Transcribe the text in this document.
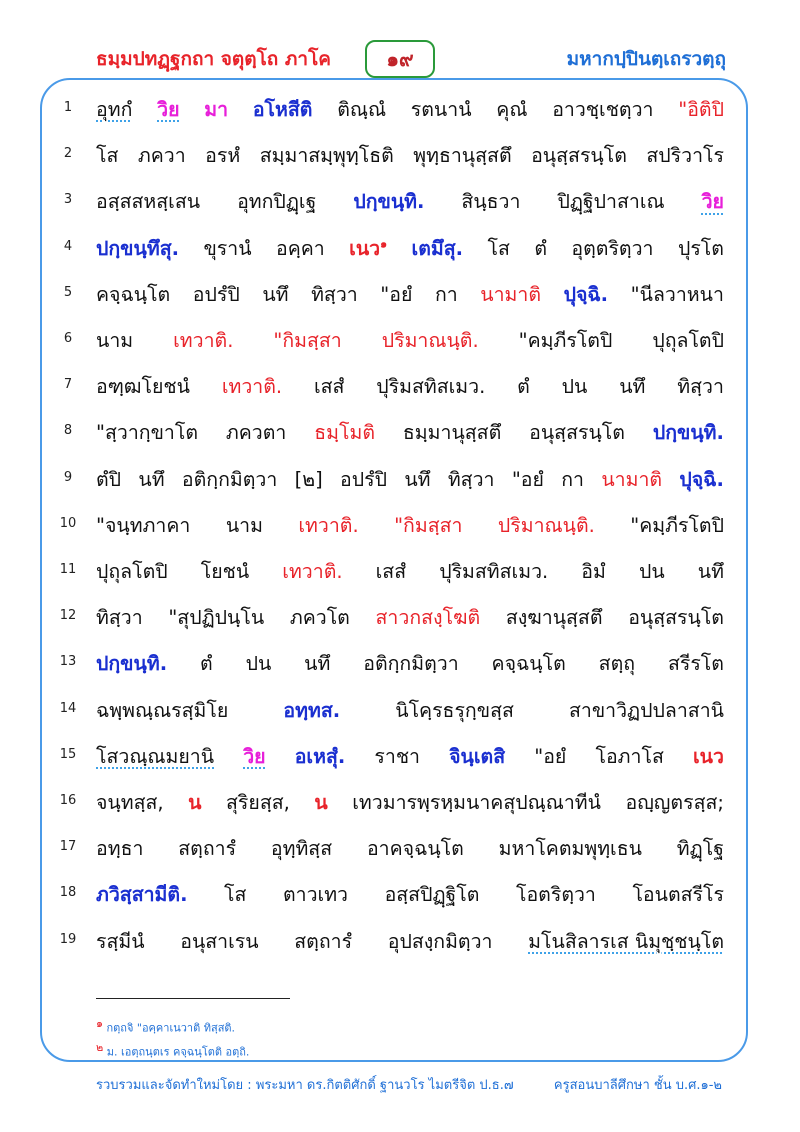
ธมฺมปทฏฺฐกถา จตุตฺโถ ภาโค	๑๙	มหากปฺปินตฺเถรวตฺถุ
1	อุทกํ วิย มา อโหสีติ ติณฺณํ รตนานํ คุณํ อาวชฺเชตฺวา "อิติปิ
2	โส ภควา อรหํ สมฺมาสมฺพุทฺโธติ พุทฺธานุสฺสตึ อนุสฺสรนฺโต สปริวาโร
3	อสฺสสหสฺเสน อุทกปิฏฺเฐ ปกฺขนฺทิ. สินฺธวา ปิฏฺฐิปาสาเณ วิย
4	ปกฺขนฺทึสุ. ขุรานํ อคฺคา เนว$^๑$ เตมึสุ. โส ตํ อุตฺตริตฺวา ปุรโต
5	คจฺฉนฺโต อปรํปิ นทึ ทิสฺวา "อยํ กา นามาติ ปุจฺฉิ. "นีลวาหนา
6	นาม เทวาติ. "กิมสฺสา ปริมาณนฺติ. "คมฺภีรโตปิ ปุถุลโตปิ
7	อฑฺฒโยชนํ เทวาติ. เสสํ ปุริมสทิสเมว. ตํ ปน นทึ ทิสฺวา
8	"สฺวากฺขาโต ภควตา ธมฺโมติ ธมฺมานุสฺสตึ อนุสฺสรนฺโต ปกฺขนฺทิ.
9	ตํปิ นทึ อติกฺกมิตฺวา [๒] อปรํปิ นทึ ทิสฺวา "อยํ กา นามาติ ปุจฺฉิ.
10	"จนฺทภาคา นาม เทวาติ. "กิมสฺสา ปริมาณนฺติ. "คมฺภีรโตปิ
11	ปุถุลโตปิ โยชนํ เทวาติ. เสสํ ปุริมสทิสเมว. อิมํ ปน นทึ
12	ทิสฺวา "สุปฏิปนฺโน ภควโต สาวกสงฺโฆติ สงฺฆานุสฺสตึ อนุสฺสรนฺโต
13	ปกฺขนฺทิ. ตํ ปน นทึ อติกฺกมิตฺวา คจฺฉนฺโต สตฺถุ สรีรโต
14	ฉพฺพณฺณรสฺมิโย	อทฺทส.	นิโคฺรธรุกฺขสฺส	สาขาวิฏปปลาสานิ
15	โสวณฺณมยานิ วิย อเหสุํ. ราชา จินฺเตสิ "อยํ โอภาโส เนว
16	จนฺทสฺส, น สุริยสฺส, น เทวมารพฺรหฺมนาคสุปณฺณาทีนํ อญฺญตรสฺส;
17	อทฺธา สตฺถารํ อุทฺทิสฺส อาคจฺฉนฺโต มหาโคตมพุทฺเธน ทิฏฺโฐ
18	ภวิสฺสามีติ. โส ตาวเทว อสฺสปิฏฺฐิโต โอตริตฺวา โอนตสรีโร
19	รสฺมีนํ อนุสาเรน สตฺถารํ อุปสงฺกมิตฺวา มโนสิลารเส นิมุชฺชนฺโต
๑ กตฺถจิ "อคฺคาเนวาติ ทิสฺสติ.
๒ ม. เอตฺถนฺตเร คจฺฉนฺโตติ อตฺถิ.
รวบรวมและจัดทำใหม่โดย : พระมหา ดร.กิตติศักดิ์ ฐานวโร ไมตรีจิต ป.ธ.๗	ครูสอนบาลีศึกษา ชั้น บ.ศ.๑-๒
